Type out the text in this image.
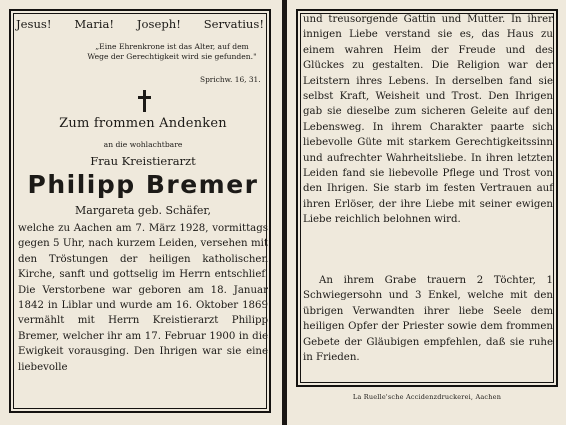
Jesus! Maria! Joseph! Servatius!
„Eine Ehrenkrone ist das Alter, auf dem Wege der Gerechtigkeit wird sie gefunden."
Sprichw. 16, 31.
Zum frommen Andenken
an die wohlachtbare
Frau Kreistierarzt
Philipp Bremer
Margareta geb. Schäfer,

welche zu Aachen am 7. März 1928, vormittags gegen 5 Uhr, nach kurzem Leiden, versehen mit den Tröstungen der heiligen katholischen Kirche, sanft und gottselig im Herrn entschlief. Die Verstorbene war geboren am 18. Januar 1842 in Liblar und wurde am 16. Oktober 1869 vermählt mit Herrn Kreistierarzt Philipp Bremer, welcher ihr am 17. Februar 1900 in die Ewigkeit vorausging. Den Ihrigen war sie eine liebevolle

und treusorgende Gattin und Mutter. In ihrer innigen Liebe verstand sie es, das Haus zu einem wahren Heim der Freude und des Glückes zu gestalten. Die Religion war der Leitstern ihres Lebens. In derselben fand sie selbst Kraft, Weisheit und Trost. Den Ihrigen gab sie dieselbe zum sicheren Geleite auf den Lebensweg. In ihrem Charakter paarte sich liebevolle Güte mit starkem Gerechtigkeitssinn und aufrechter Wahrheitsliebe. In ihren letzten Leiden fand sie liebevolle Pflege und Trost von den Ihrigen. Sie starb im festen Vertrauen auf ihren Erlöser, der ihre Liebe mit seiner ewigen Liebe reichlich belohnen wird.

An ihrem Grabe trauern 2 Töchter, 1 Schwiegersohn und 3 Enkel, welche mit den übrigen Verwandten ihrer liebe Seele dem heiligen Opfer der Priester sowie dem frommen Gebete der Gläubigen empfehlen, daß sie ruhe in Frieden.

La Ruelle'sche Accidenzdruckerei, Aachen
